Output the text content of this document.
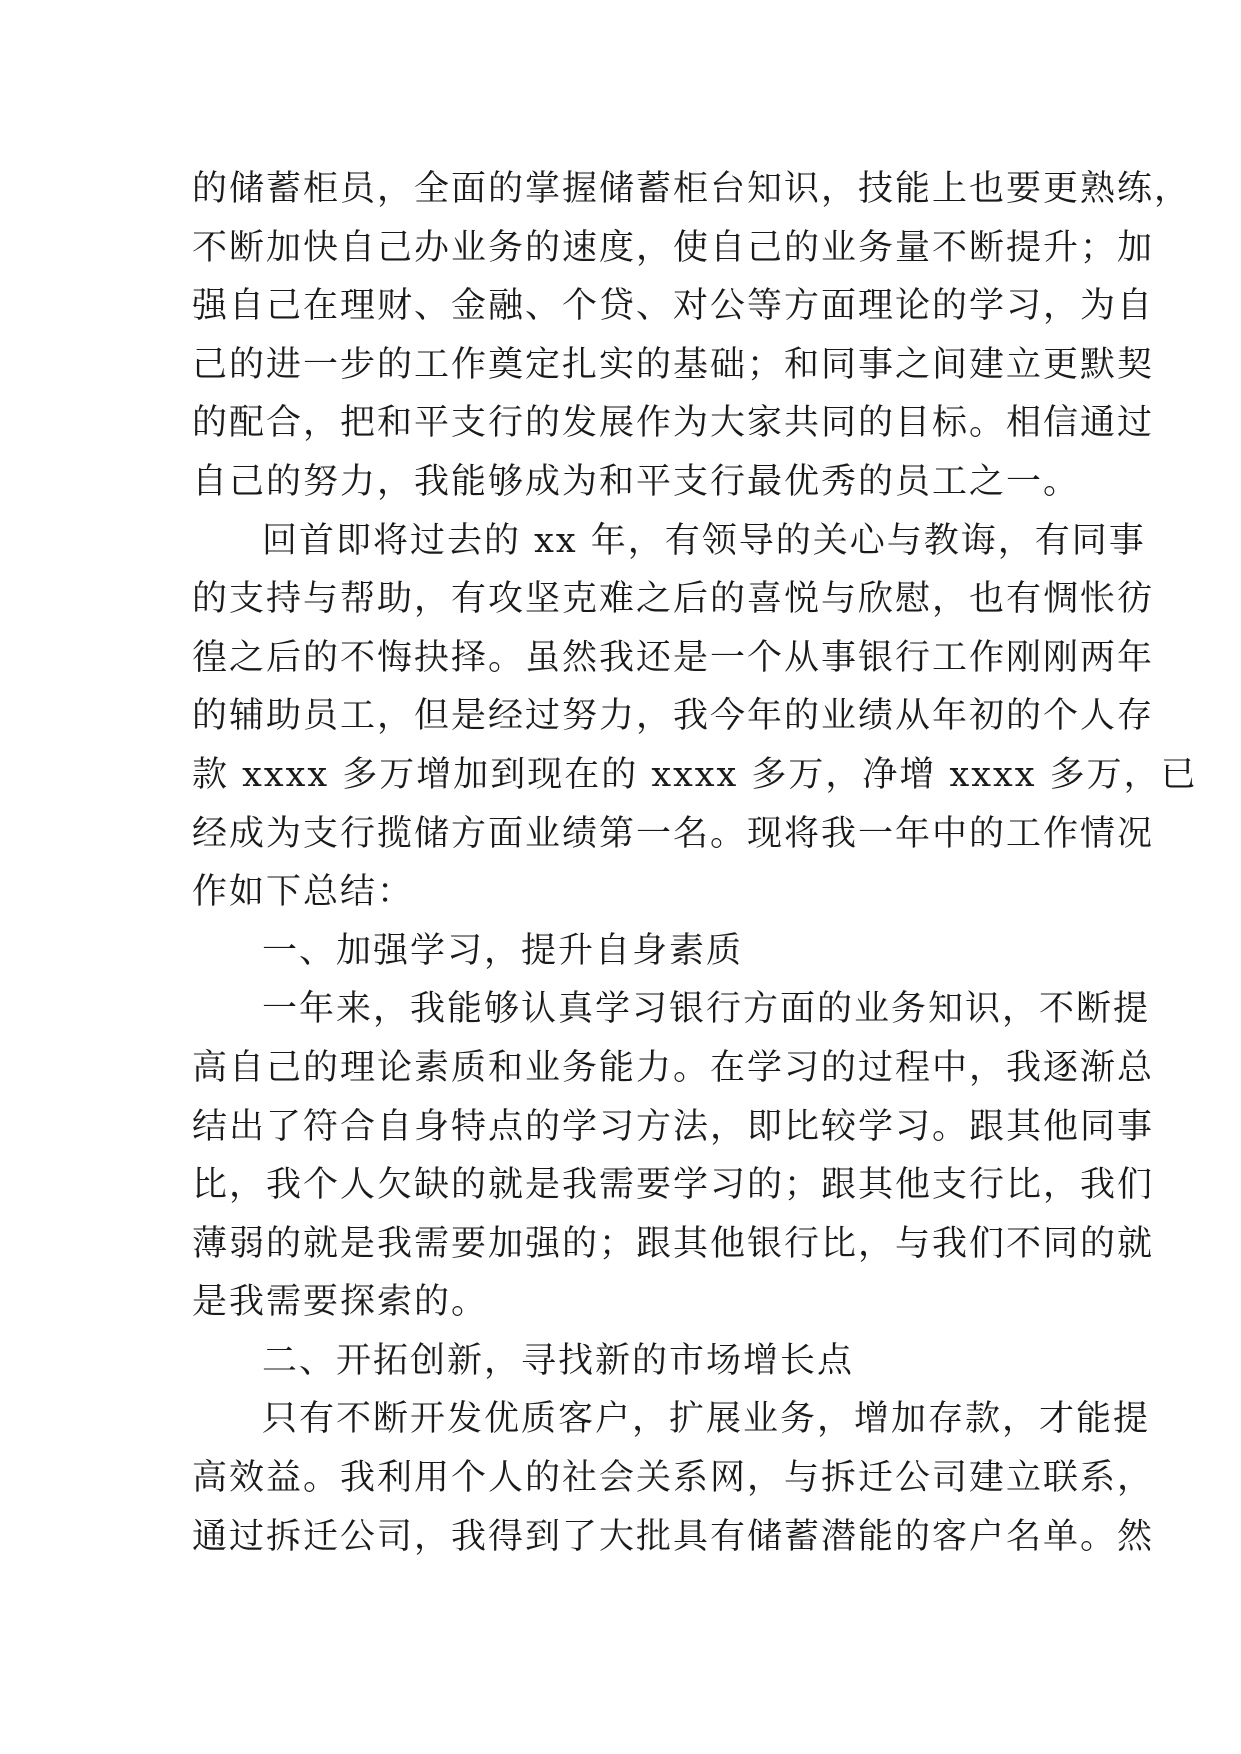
的储蓄柜员，全面的掌握储蓄柜台知识，技能上也要更熟练，
不断加快自己办业务的速度，使自己的业务量不断提升；加
强自己在理财、金融、个贷、对公等方面理论的学习，为自
己的进一步的工作奠定扎实的基础；和同事之间建立更默契
的配合，把和平支行的发展作为大家共同的目标。相信通过
自己的努力，我能够成为和平支行最优秀的员工之一。
回首即将过去的 xx 年，有领导的关心与教诲，有同事
的支持与帮助，有攻坚克难之后的喜悦与欣慰，也有惆怅彷
徨之后的不悔抉择。虽然我还是一个从事银行工作刚刚两年
的辅助员工，但是经过努力，我今年的业绩从年初的个人存
款 xxxx 多万增加到现在的 xxxx 多万，净增 xxxx 多万，已
经成为支行揽储方面业绩第一名。现将我一年中的工作情况
作如下总结：
一、加强学习，提升自身素质
一年来，我能够认真学习银行方面的业务知识，不断提
高自己的理论素质和业务能力。在学习的过程中，我逐渐总
结出了符合自身特点的学习方法，即比较学习。跟其他同事
比，我个人欠缺的就是我需要学习的；跟其他支行比，我们
薄弱的就是我需要加强的；跟其他银行比，与我们不同的就
是我需要探索的。
二、开拓创新，寻找新的市场增长点
只有不断开发优质客户，扩展业务，增加存款，才能提
高效益。我利用个人的社会关系网，与拆迁公司建立联系，
通过拆迁公司，我得到了大批具有储蓄潜能的客户名单。然
